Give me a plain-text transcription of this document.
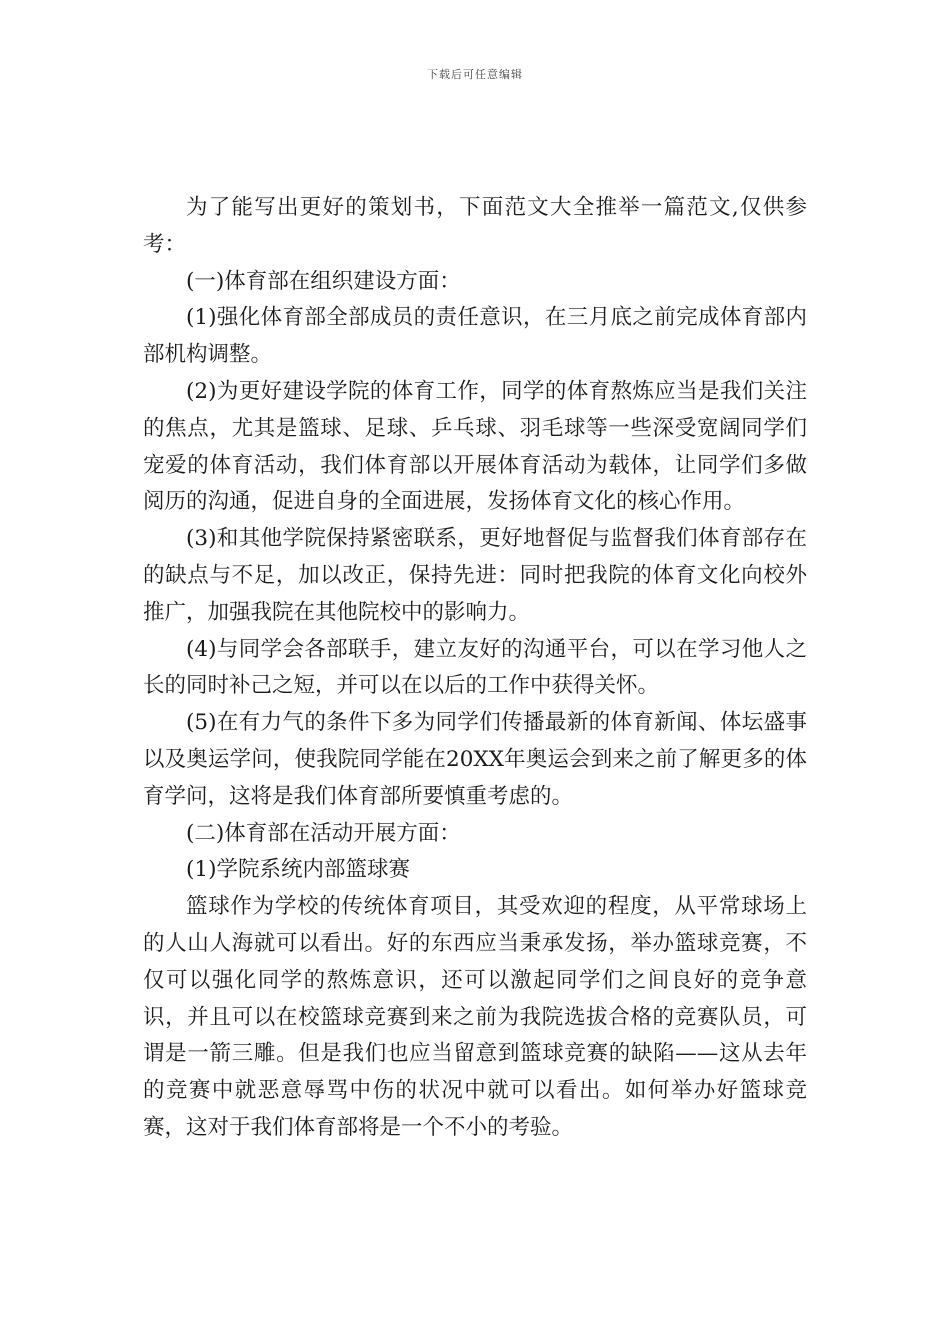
下载后可任意编辑

为了能写出更好的策划书，下面范文大全推举一篇范文,仅供参考：

(一)体育部在组织建设方面：

(1)强化体育部全部成员的责任意识，在三月底之前完成体育部内部机构调整。

(2)为更好建设学院的体育工作，同学的体育熬炼应当是我们关注的焦点，尤其是篮球、足球、乒乓球、羽毛球等一些深受宽阔同学们宠爱的体育活动，我们体育部以开展体育活动为载体，让同学们多做阅历的沟通，促进自身的全面进展，发扬体育文化的核心作用。

(3)和其他学院保持紧密联系，更好地督促与监督我们体育部存在的缺点与不足，加以改正，保持先进：同时把我院的体育文化向校外推广，加强我院在其他院校中的影响力。

(4)与同学会各部联手，建立友好的沟通平台，可以在学习他人之长的同时补己之短，并可以在以后的工作中获得关怀。

(5)在有力气的条件下多为同学们传播最新的体育新闻、体坛盛事以及奥运学问，使我院同学能在20XX年奥运会到来之前了解更多的体育学问，这将是我们体育部所要慎重考虑的。

(二)体育部在活动开展方面：

(1)学院系统内部篮球赛

篮球作为学校的传统体育项目，其受欢迎的程度，从平常球场上的人山人海就可以看出。好的东西应当秉承发扬，举办篮球竞赛，不仅可以强化同学的熬炼意识，还可以激起同学们之间良好的竞争意识，并且可以在校篮球竞赛到来之前为我院选拔合格的竞赛队员，可谓是一箭三雕。但是我们也应当留意到篮球竞赛的缺陷——这从去年的竞赛中就恶意辱骂中伤的状况中就可以看出。如何举办好篮球竞赛，这对于我们体育部将是一个不小的考验。
